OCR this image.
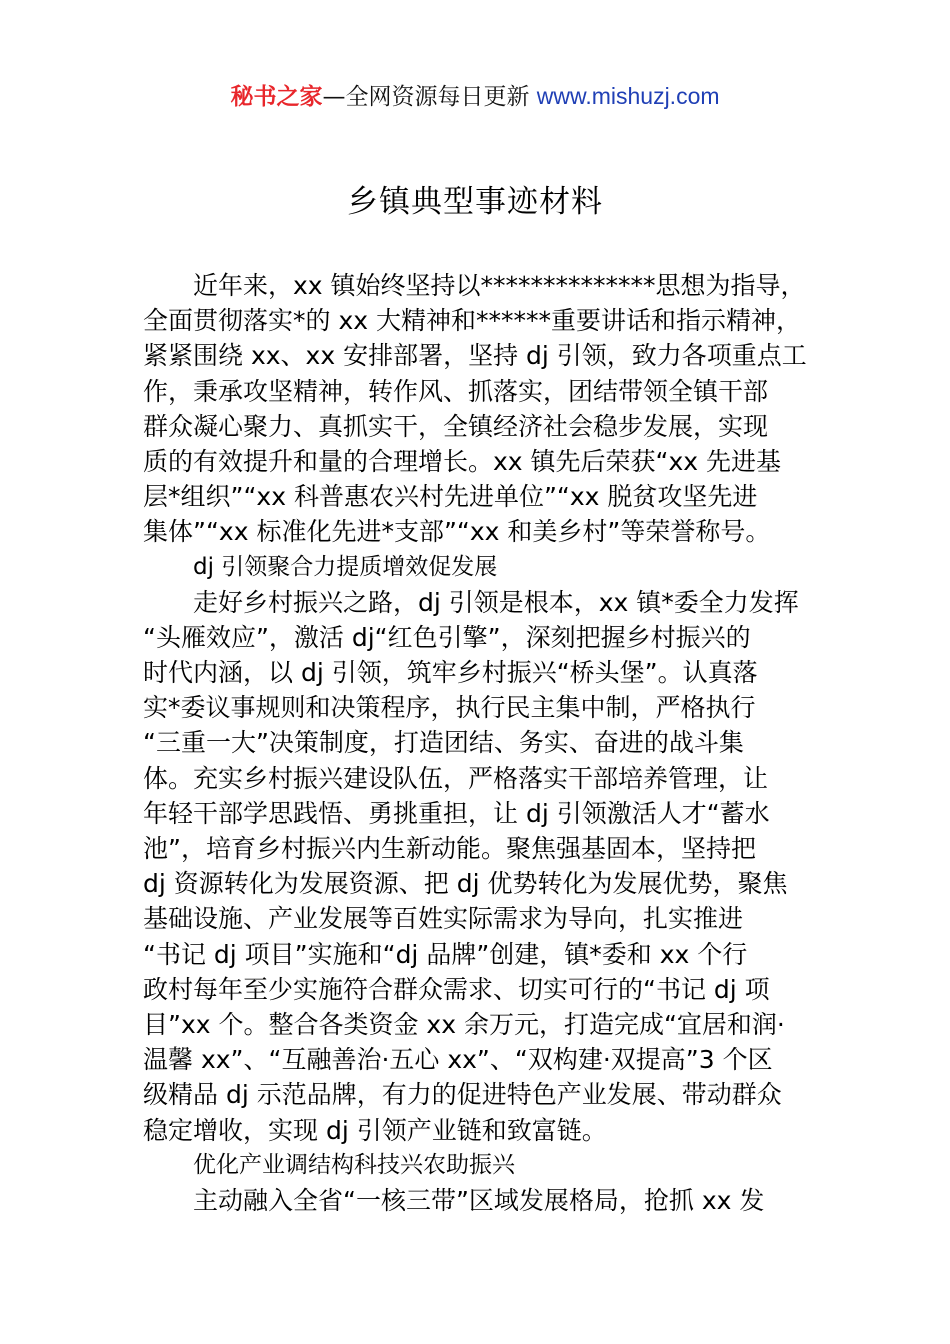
秘书之家—全网资源每日更新 www.mishuzj.com
乡镇典型事迹材料
近年来，xx 镇始终坚持以**************思想为指导，
全面贯彻落实*的 xx 大精神和******重要讲话和指示精神，
紧紧围绕 xx、xx 安排部署，坚持 dj 引领，致力各项重点工
作，秉承攻坚精神，转作风、抓落实，团结带领全镇干部
群众凝心聚力、真抓实干，全镇经济社会稳步发展，实现
质的有效提升和量的合理增长。xx 镇先后荣获“xx 先进基
层*组织”“xx 科普惠农兴村先进单位”“xx 脱贫攻坚先进
集体”“xx 标准化先进*支部”“xx 和美乡村”等荣誉称号。
dj 引领聚合力提质增效促发展
走好乡村振兴之路，dj 引领是根本，xx 镇*委全力发挥
“头雁效应”，激活 dj“红色引擎”，深刻把握乡村振兴的
时代内涵，以 dj 引领，筑牢乡村振兴“桥头堡”。认真落
实*委议事规则和决策程序，执行民主集中制，严格执行
“三重一大”决策制度，打造团结、务实、奋进的战斗集
体。充实乡村振兴建设队伍，严格落实干部培养管理，让
年轻干部学思践悟、勇挑重担，让 dj 引领激活人才“蓄水
池”，培育乡村振兴内生新动能。聚焦强基固本，坚持把
dj 资源转化为发展资源、把 dj 优势转化为发展优势，聚焦
基础设施、产业发展等百姓实际需求为导向，扎实推进
“书记 dj 项目”实施和“dj 品牌”创建，镇*委和 xx 个行
政村每年至少实施符合群众需求、切实可行的“书记 dj 项
目”xx 个。整合各类资金 xx 余万元，打造完成“宜居和润·
温馨 xx”、“互融善治·五心 xx”、“双构建·双提高”3 个区
级精品 dj 示范品牌，有力的促进特色产业发展、带动群众
稳定增收，实现 dj 引领产业链和致富链。
优化产业调结构科技兴农助振兴
主动融入全省“一核三带”区域发展格局，抢抓 xx 发
